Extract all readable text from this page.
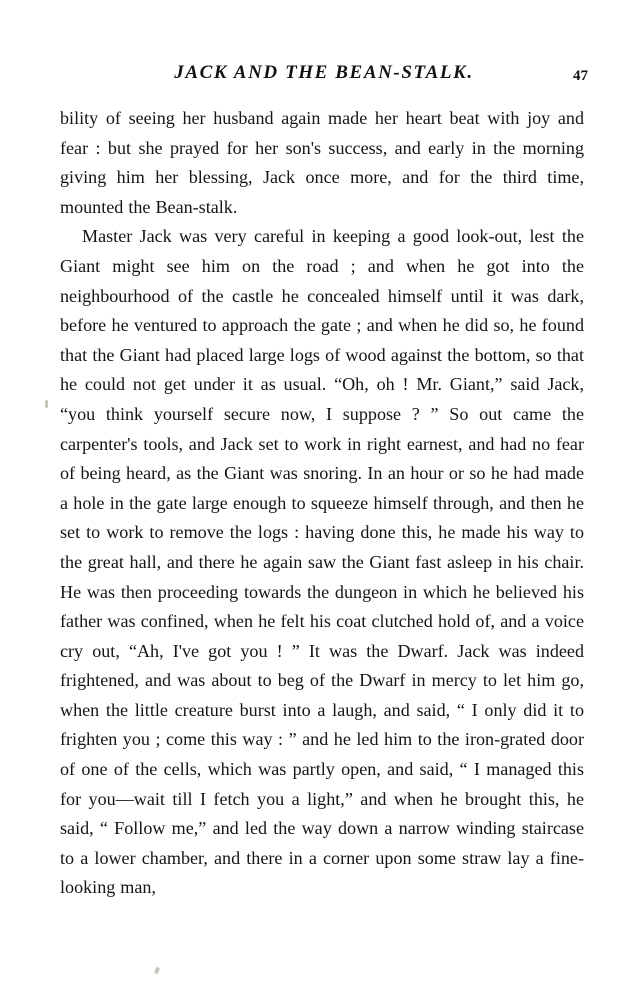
JACK AND THE BEAN-STALK.	47

bility of seeing her husband again made her heart beat with joy and fear : but she prayed for her son's success, and early in the morning giving him her blessing, Jack once more, and for the third time, mounted the Bean-stalk.

Master Jack was very careful in keeping a good look-out, lest the Giant might see him on the road ; and when he got into the neighbourhood of the castle he concealed himself until it was dark, before he ventured to approach the gate ; and when he did so, he found that the Giant had placed large logs of wood against the bottom, so that he could not get under it as usual. “Oh, oh ! Mr. Giant,” said Jack, “you think yourself secure now, I suppose ? ” So out came the carpenter's tools, and Jack set to work in right earnest, and had no fear of being heard, as the Giant was snoring. In an hour or so he had made a hole in the gate large enough to squeeze himself through, and then he set to work to remove the logs : having done this, he made his way to the great hall, and there he again saw the Giant fast asleep in his chair. He was then proceeding towards the dungeon in which he believed his father was confined, when he felt his coat clutched hold of, and a voice cry out, “Ah, I've got you ! ” It was the Dwarf. Jack was indeed frightened, and was about to beg of the Dwarf in mercy to let him go, when the little creature burst into a laugh, and said, “ I only did it to frighten you ; come this way : ” and he led him to the iron-grated door of one of the cells, which was partly open, and said, “ I managed this for you—wait till I fetch you a light,” and when he brought this, he said, “ Follow me,” and led the way down a narrow winding staircase to a lower chamber, and there in a corner upon some straw lay a fine-looking man,
